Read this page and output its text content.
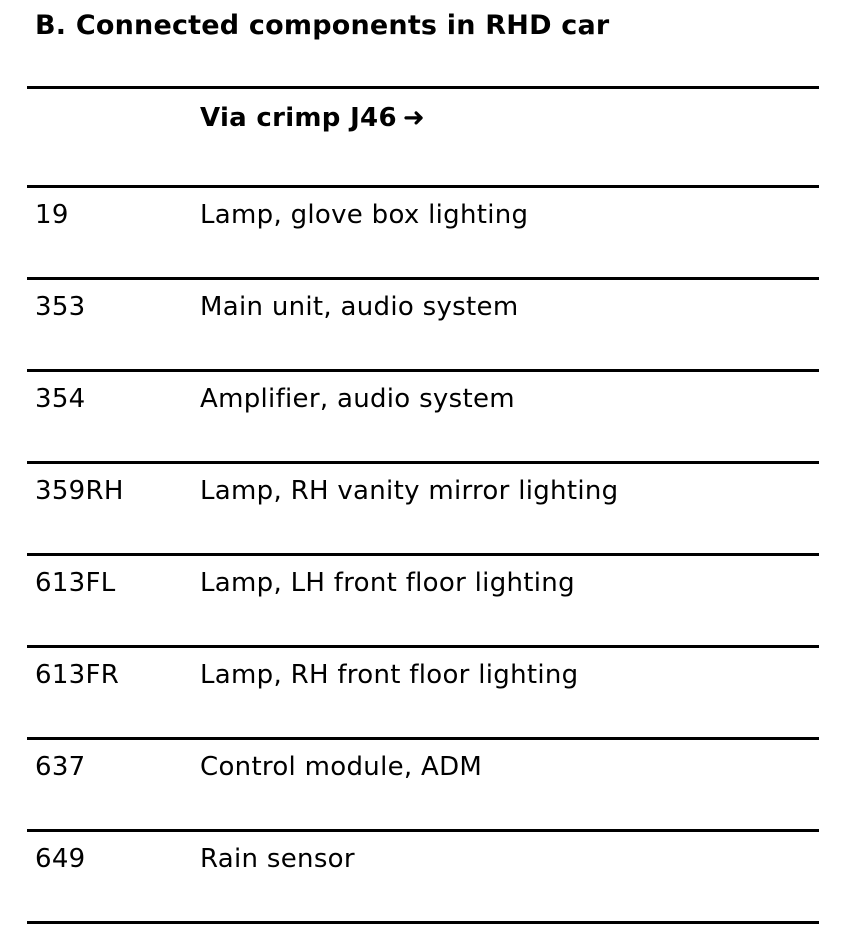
B. Connected components in RHD car
Via crimp J46 ➜
19	Lamp, glove box lighting
353	Main unit, audio system
354	Amplifier, audio system
359RH	Lamp, RH vanity mirror lighting
613FL	Lamp, LH front floor lighting
613FR	Lamp, RH front floor lighting
637	Control module, ADM
649	Rain sensor
